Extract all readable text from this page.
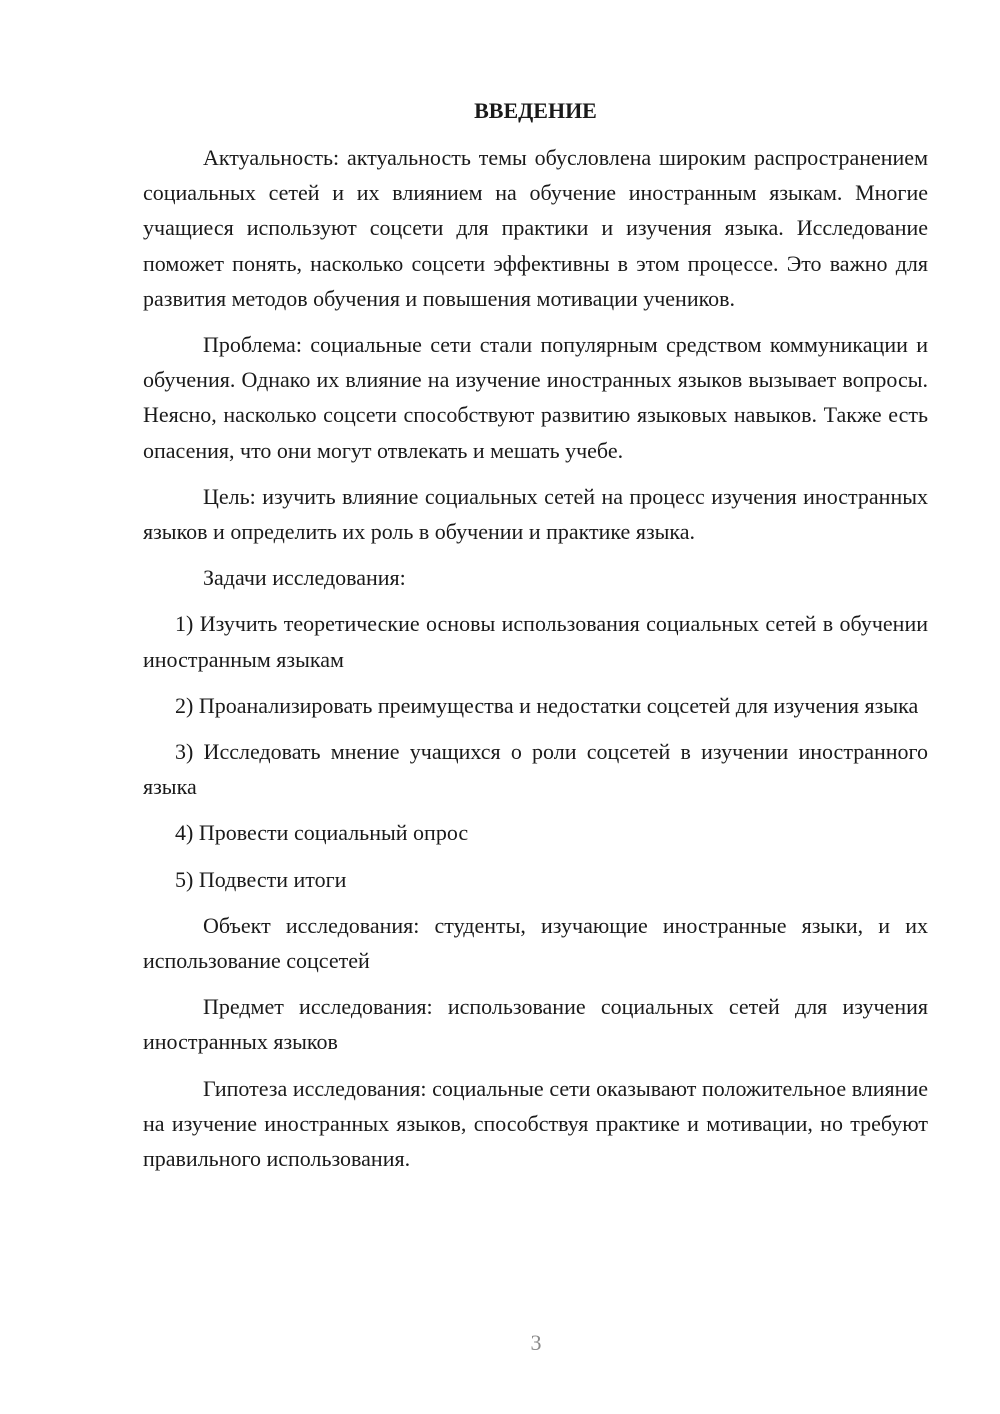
ВВЕДЕНИЕ

Актуальность: актуальность темы обусловлена широким распространением социальных сетей и их влиянием на обучение иностранным языкам. Многие учащиеся используют соцсети для практики и изучения языка. Исследование поможет понять, насколько соцсети эффективны в этом процессе. Это важно для развития методов обучения и повышения мотивации учеников.

Проблема: социальные сети стали популярным средством коммуникации и обучения. Однако их влияние на изучение иностранных языков вызывает вопросы. Неясно, насколько соцсети способствуют развитию языковых навыков. Также есть опасения, что они могут отвлекать и мешать учебе.

Цель: изучить влияние социальных сетей на процесс изучения иностранных языков и определить их роль в обучении и практике языка.

Задачи исследования:

1) Изучить теоретические основы использования социальных сетей в обучении иностранным языкам

2) Проанализировать преимущества и недостатки соцсетей для изучения языка

3) Исследовать мнение учащихся о роли соцсетей в изучении иностранного языка

4) Провести социальный опрос

5) Подвести итоги

Объект исследования: студенты, изучающие иностранные языки, и их использование соцсетей

Предмет исследования: использование социальных сетей для изучения иностранных языков

Гипотеза исследования: социальные сети оказывают положительное влияние на изучение иностранных языков, способствуя практике и мотивации, но требуют правильного использования.

3
